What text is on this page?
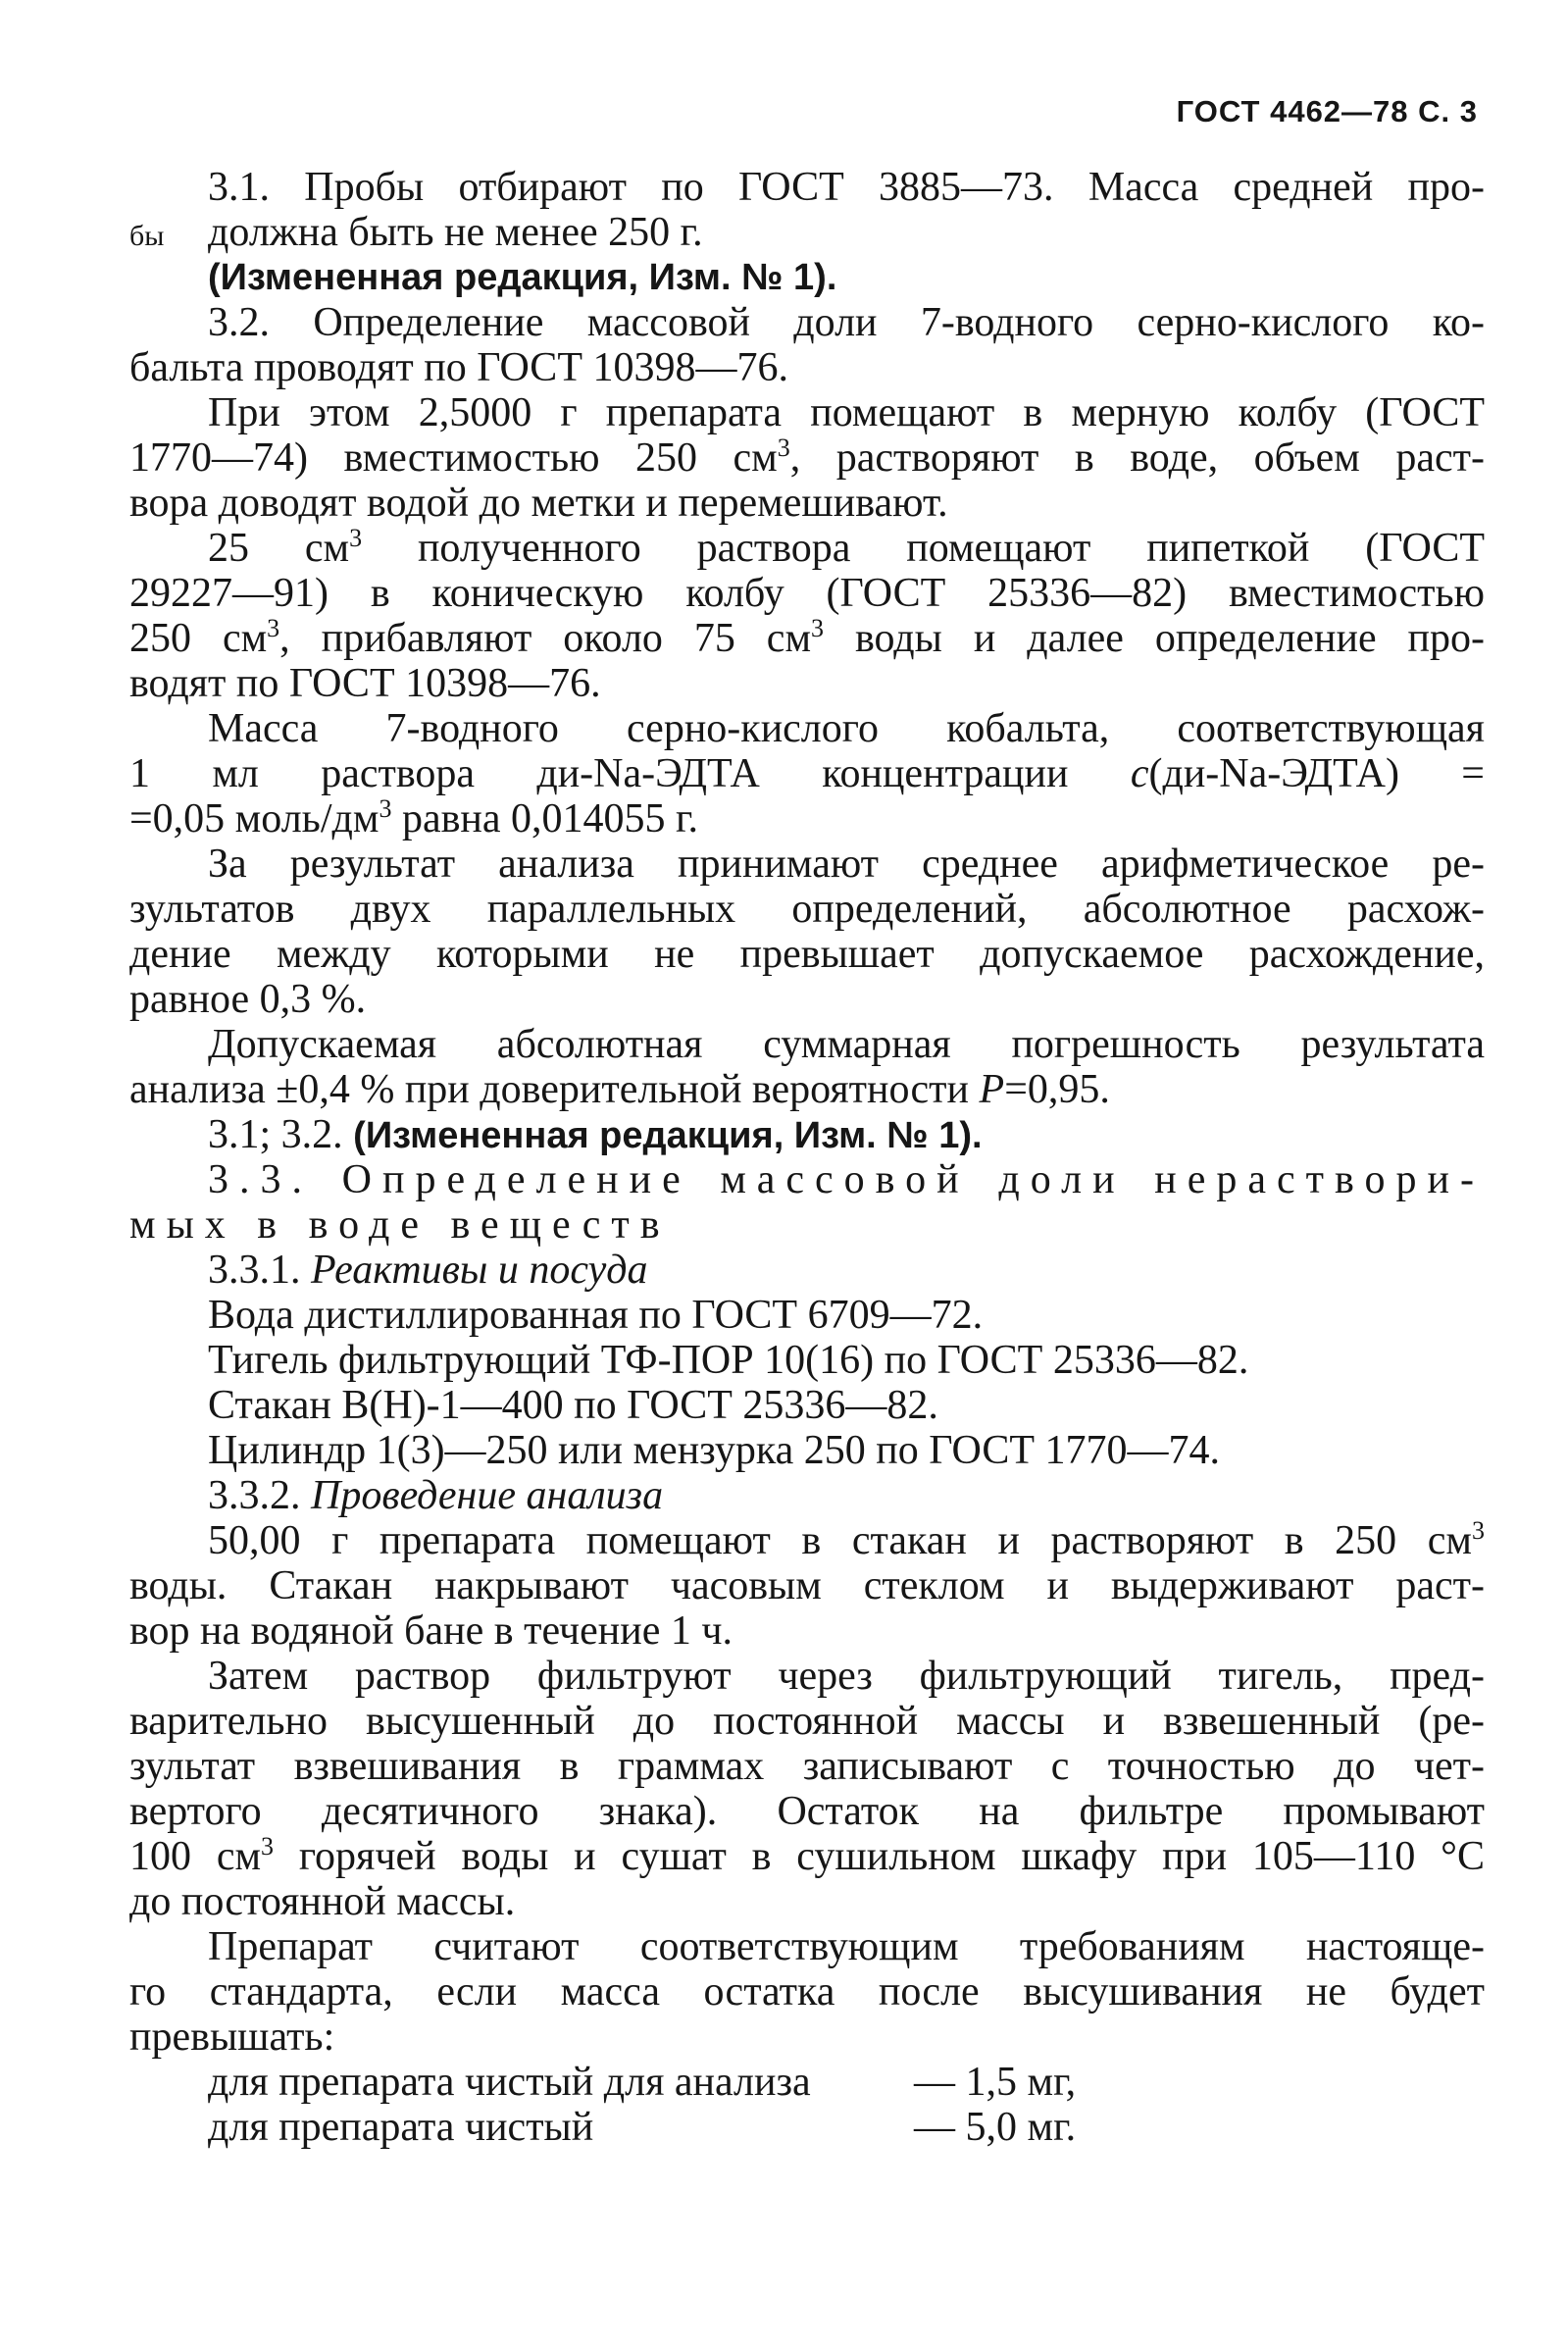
ГОСТ 4462—78 С. 3
3.1. Пробы отбирают по ГОСТ 3885—73. Масса средней про-
бы должна быть не менее 250 г.
(Измененная редакция, Изм. № 1).
3.2. Определение массовой доли 7-водного серно-кислого ко-
бальта проводят по ГОСТ 10398—76.
При этом 2,5000 г препарата помещают в мерную колбу (ГОСТ
1770—74) вместимостью 250 $см^3$, растворяют в воде, объем раст-
вора доводят водой до метки и перемешивают.
25 $см^3$ полученного раствора помещают пипеткой (ГОСТ
29227—91) в коническую колбу (ГОСТ 25336—82) вместимостью
250 $см^3$, прибавляют около 75 $см^3$ воды и далее определение про-
водят по ГОСТ 10398—76.
Масса 7-водного серно-кислого кобальта, соответствующая
1 мл раствора ди-Nа-ЭДТА концентрации c(ди-Nа-ЭДТА) =
=0,05 моль/$дм^3$ равна 0,014055 г.
За результат анализа принимают среднее арифметическое ре-
зультатов двух параллельных определений, абсолютное расхож-
дение между которыми не превышает допускаемое расхождение,
равное 0,3 %.
Допускаемая абсолютная суммарная погрешность результата
анализа ±0,4 % при доверительной вероятности P=0,95.
3.1; 3.2. (Измененная редакция, Изм. № 1).
3.3. Определение массовой доли нераствори-
мых в воде веществ
3.3.1. Реактивы и посуда
Вода дистиллированная по ГОСТ 6709—72.
Тигель фильтрующий ТФ-ПОР 10(16) по ГОСТ 25336—82.
Стакан В(Н)-1—400 по ГОСТ 25336—82.
Цилиндр 1(3)—250 или мензурка 250 по ГОСТ 1770—74.
3.3.2. Проведение анализа
50,00 г препарата помещают в стакан и растворяют в 250 $см^3$
воды. Стакан накрывают часовым стеклом и выдерживают раст-
вор на водяной бане в течение 1 ч.
Затем раствор фильтруют через фильтрующий тигель, пред-
варительно высушенный до постоянной массы и взвешенный (ре-
зультат взвешивания в граммах записывают с точностью до чет-
вертого десятичного знака). Остаток на фильтре промывают
100 $см^3$ горячей воды и сушат в сушильном шкафу при 105—110 °С
до постоянной массы.
Препарат считают соответствующим требованиям настояще-
го стандарта, если масса остатка после высушивания не будет
превышать:
для препарата чистый для анализа	— 1,5 мг,
для препарата чистый	— 5,0 мг.
